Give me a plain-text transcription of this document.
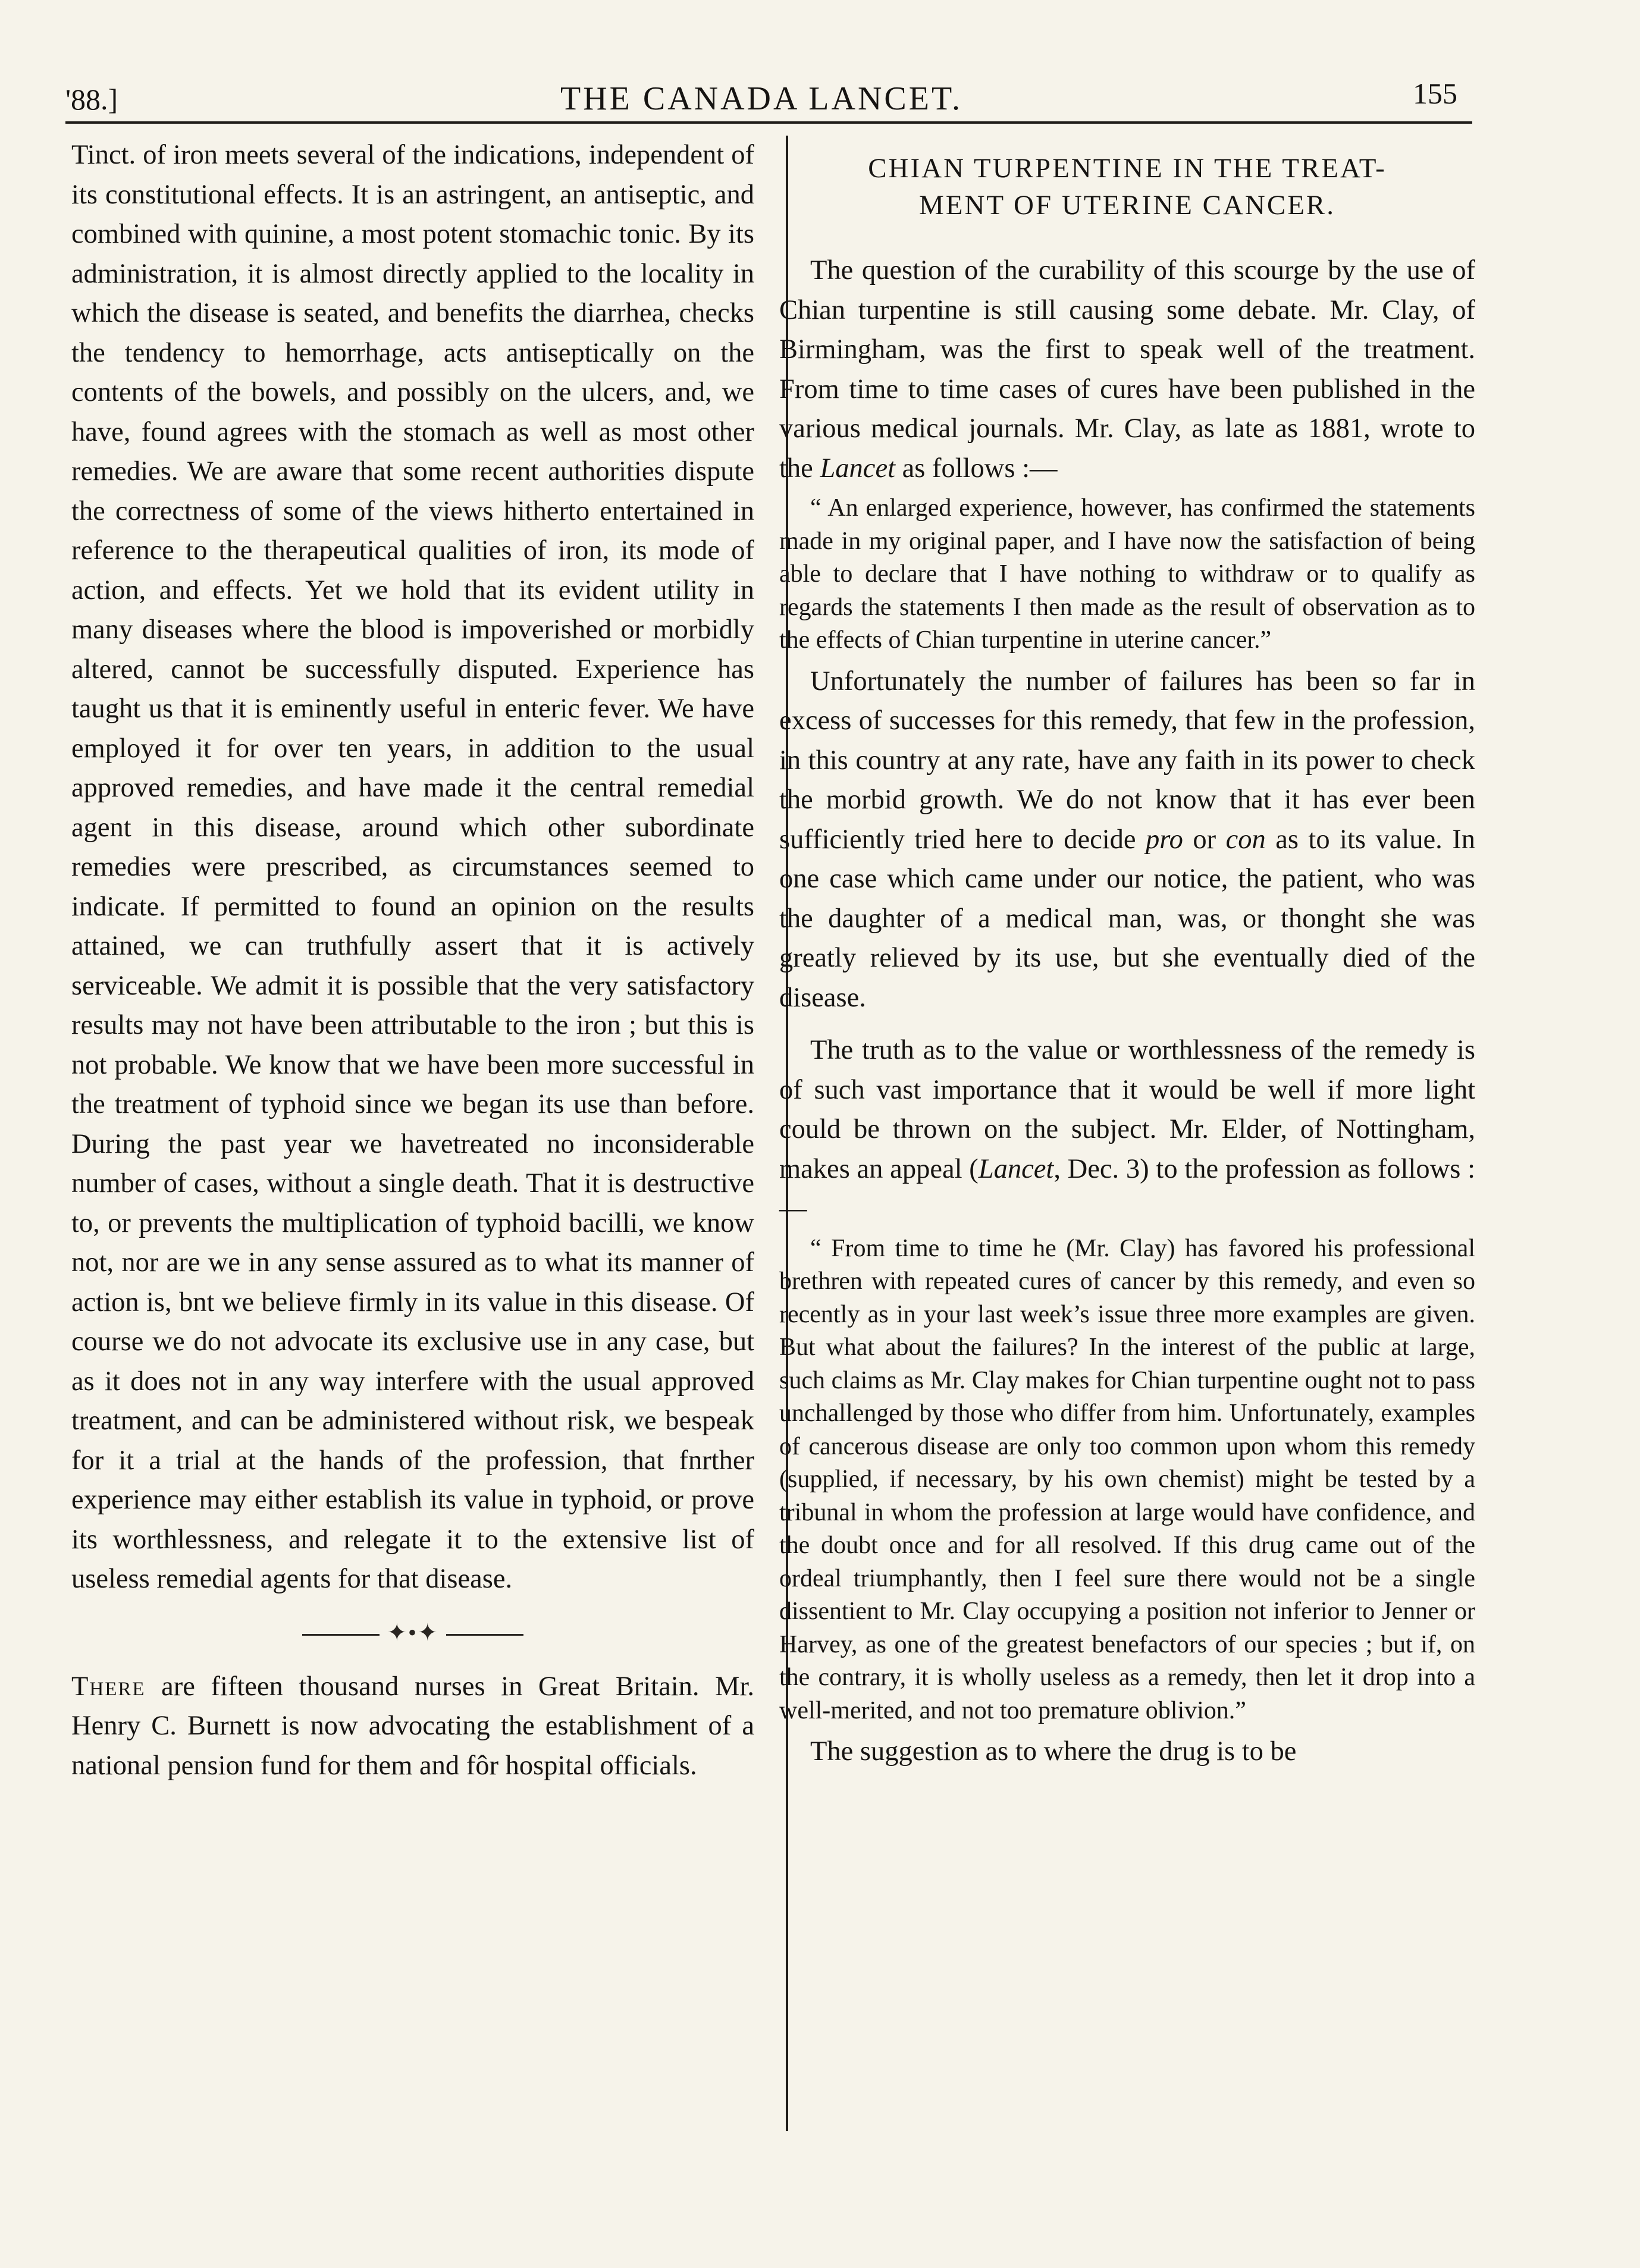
'88.]	THE CANADA LANCET.	155

Tinct. of iron meets several of the indications, independent of its constitutional effects. It is an astringent, an antiseptic, and combined with quinine, a most potent stomachic tonic. By its administration, it is almost directly applied to the locality in which the disease is seated, and benefits the diarrhea, checks the tendency to hemorrhage, acts antiseptically on the contents of the bowels, and possibly on the ulcers, and, we have, found agrees with the stomach as well as most other remedies. We are aware that some recent authorities dispute the correctness of some of the views hitherto entertained in reference to the therapeutical qualities of iron, its mode of action, and effects. Yet we hold that its evident utility in many diseases where the blood is impoverished or morbidly altered, cannot be successfully disputed. Experience has taught us that it is eminently useful in enteric fever. We have employed it for over ten years, in addition to the usual approved remedies, and have made it the central remedial agent in this disease, around which other subordinate remedies were prescribed, as circumstances seemed to indicate. If permitted to found an opinion on the results attained, we can truthfully assert that it is actively serviceable. We admit it is possible that the very satisfactory results may not have been attributable to the iron ; but this is not probable. We know that we have been more successful in the treatment of typhoid since we began its use than before. During the past year we havetreated no inconsiderable number of cases, without a single death. That it is destructive to, or prevents the multiplication of typhoid bacilli, we know not, nor are we in any sense assured as to what its manner of action is, bnt we believe firmly in its value in this disease. Of course we do not advocate its exclusive use in any case, but as it does not in any way interfere with the usual approved treatment, and can be administered without risk, we bespeak for it a trial at the hands of the profession, that fnrther experience may either establish its value in typhoid, or prove its worthlessness, and relegate it to the extensive list of useless remedial agents for that disease.

✦•✦

There are fifteen thousand nurses in Great Britain. Mr. Henry C. Burnett is now advocating the establishment of a national pension fund for them and fôr hospital officials.

CHIAN TURPENTINE IN THE TREAT-
MENT OF UTERINE CANCER.

The question of the curability of this scourge by the use of Chian turpentine is still causing some debate. Mr. Clay, of Birmingham, was the first to speak well of the treatment. From time to time cases of cures have been published in the various medical journals. Mr. Clay, as late as 1881, wrote to the Lancet as follows :—

“ An enlarged experience, however, has confirmed the statements made in my original paper, and I have now the satisfaction of being able to declare that I have nothing to withdraw or to qualify as regards the statements I then made as the result of observation as to the effects of Chian turpentine in uterine cancer.”

Unfortunately the number of failures has been so far in excess of successes for this remedy, that few in the profession, in this country at any rate, have any faith in its power to check the morbid growth. We do not know that it has ever been sufficiently tried here to decide pro or con as to its value. In one case which came under our notice, the patient, who was the daughter of a medical man, was, or thonght she was greatly relieved by its use, but she eventually died of the disease.

The truth as to the value or worthlessness of the remedy is of such vast importance that it would be well if more light could be thrown on the subject. Mr. Elder, of Nottingham, makes an appeal (Lancet, Dec. 3) to the profession as follows :—

“ From time to time he (Mr. Clay) has favored his professional brethren with repeated cures of cancer by this remedy, and even so recently as in your last week’s issue three more examples are given. But what about the failures? In the interest of the public at large, such claims as Mr. Clay makes for Chian turpentine ought not to pass unchallenged by those who differ from him. Unfortunately, examples of cancerous disease are only too common upon whom this remedy (supplied, if necessary, by his own chemist) might be tested by a tribunal in whom the profession at large would have confidence, and the doubt once and for all resolved. If this drug came out of the ordeal triumphantly, then I feel sure there would not be a single dissentient to Mr. Clay occupying a position not inferior to Jenner or Harvey, as one of the greatest benefactors of our species ; but if, on the contrary, it is wholly useless as a remedy, then let it drop into a well-merited, and not too premature oblivion.”

The suggestion as to where the drug is to be
